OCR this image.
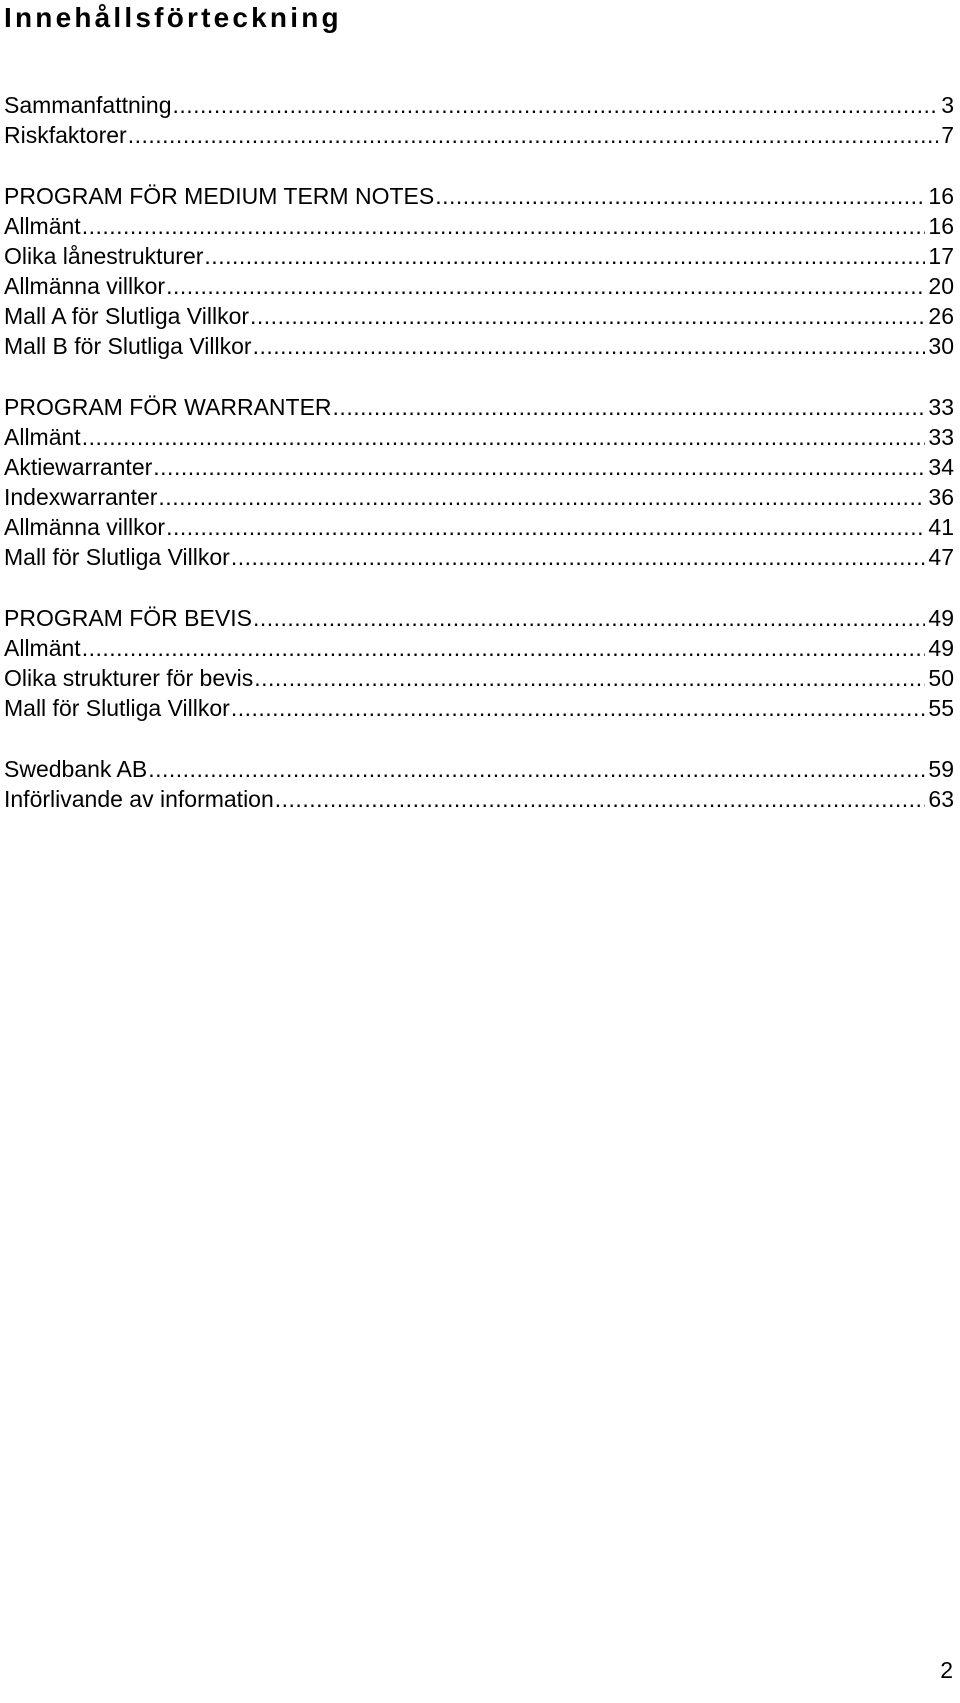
Innehållsförteckning
Sammanfattning .....	3
Riskfaktorer .....	7
PROGRAM FÖR MEDIUM TERM NOTES .....	16
Allmänt .....	16
Olika lånestrukturer .....	17
Allmänna villkor .....	20
Mall A för Slutliga Villkor .....	26
Mall B för Slutliga Villkor .....	30
PROGRAM FÖR WARRANTER .....	33
Allmänt .....	33
Aktiewarranter .....	34
Indexwarranter .....	36
Allmänna villkor .....	41
Mall för Slutliga Villkor .....	47
PROGRAM FÖR BEVIS .....	49
Allmänt .....	49
Olika strukturer för bevis .....	50
Mall för Slutliga Villkor .....	55
Swedbank AB .....	59
Införlivande av information .....	63
2
